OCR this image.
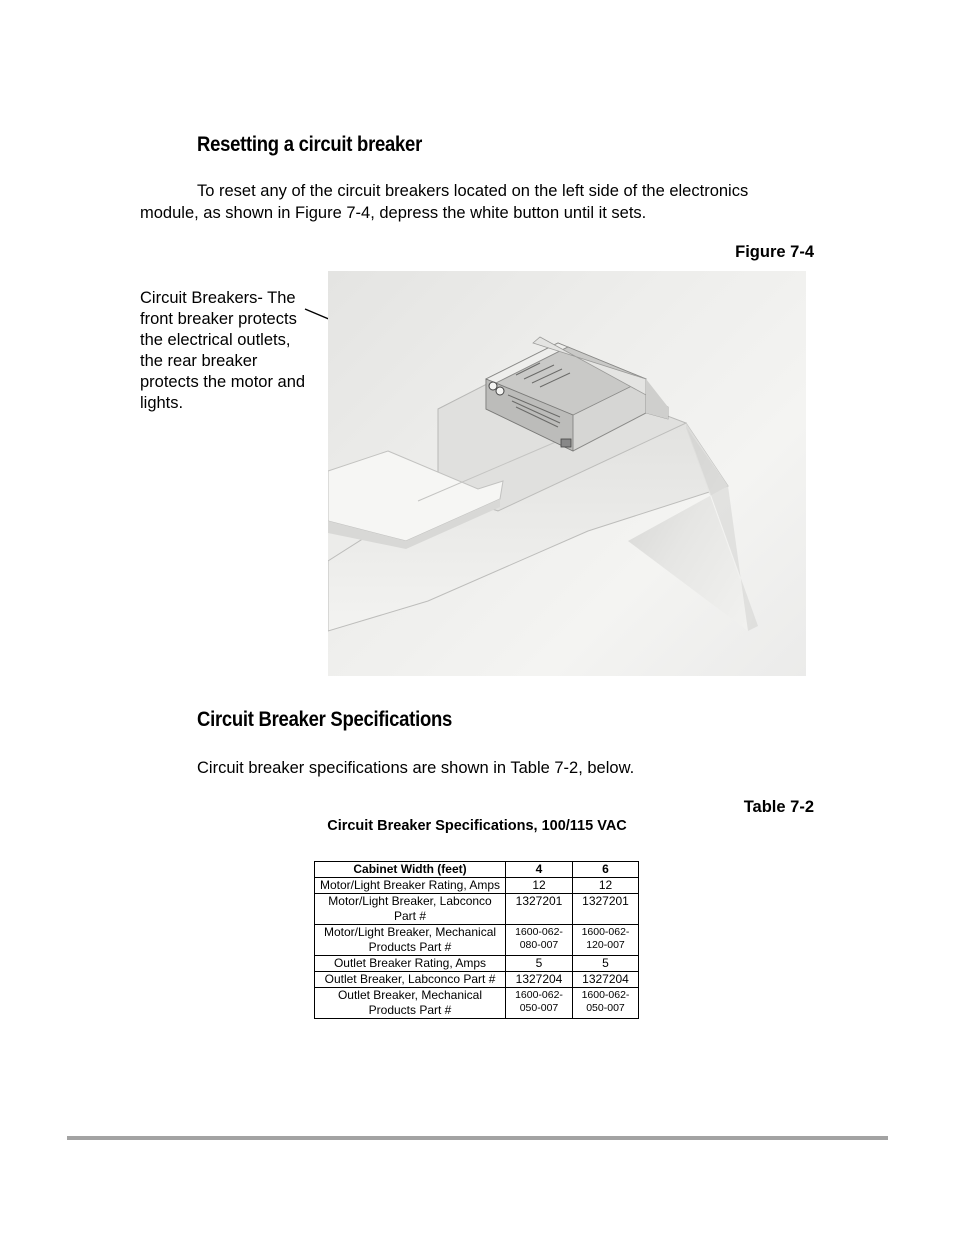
Resetting a circuit breaker
To reset any of the circuit breakers located on the left side of the electronics
module, as shown in Figure 7-4, depress the white button until it sets.
Figure 7-4
Circuit Breakers- The front breaker protects the electrical outlets, the rear breaker protects the motor and lights.
Circuit Breaker Specifications
Circuit breaker specifications are shown in Table 7-2, below.
Table 7-2
Circuit Breaker Specifications, 100/115 VAC
Cabinet Width (feet)	4	6
Motor/Light Breaker Rating, Amps	12	12
Motor/Light Breaker, Labconco Part #	1327201	1327201
Motor/Light Breaker, Mechanical Products Part #	1600-062-080-007	1600-062-120-007
Outlet Breaker Rating, Amps	5	5
Outlet Breaker, Labconco Part #	1327204	1327204
Outlet Breaker, Mechanical Products Part #	1600-062-050-007	1600-062-050-007
